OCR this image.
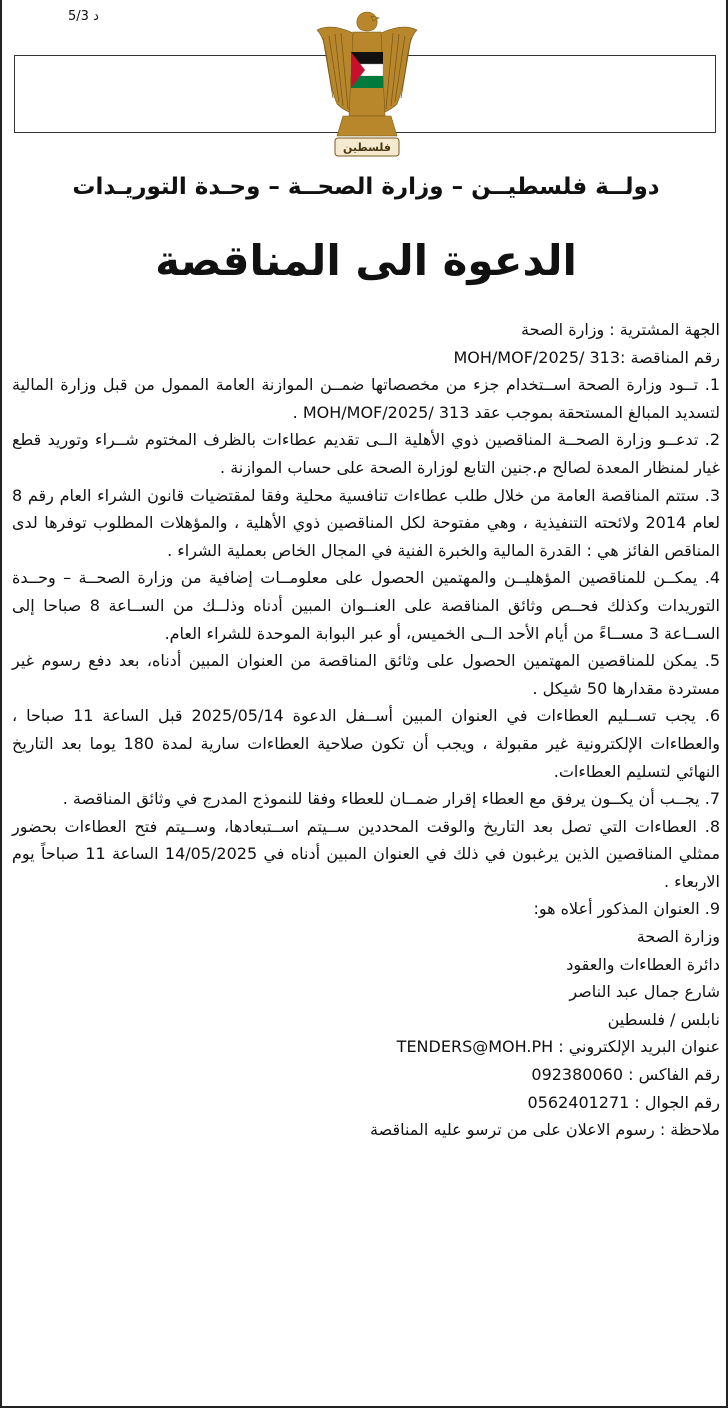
5/3 د
فلسطين
دولــة فلسطيــن – وزارة الصحــة – وحـدة التوريـدات
الدعوة الى المناقصة

الجهة المشترية : وزارة الصحة

رقم المناقصة :313 /MOH/MOF/2025

1. تــود وزارة الصحة اســتخدام جزء من مخصصاتها ضمــن الموازنة العامة الممول من قبل وزارة المالية لتسديد المبالغ المستحقة بموجب عقد 313 /MOH/MOF/2025 .

2. تدعــو وزارة الصحــة المناقصين ذوي الأهلية الــى تقديم عطاءات بالظرف المختوم شــراء وتوريد قطع غيار لمنظار المعدة لصالح م.جنين التابع لوزارة الصحة على حساب الموازنة .

3. ستتم المناقصة العامة من خلال طلب عطاءات تنافسية محلية وفقا لمقتضيات قانون الشراء العام رقم 8 لعام 2014 ولائحته التنفيذية ، وهي مفتوحة لكل المناقصين ذوي الأهلية ، والمؤهلات المطلوب توفرها لدى المناقص الفائز هي : القدرة المالية والخبرة الفنية في المجال الخاص بعملية الشراء .

4. يمكــن للمناقصين المؤهليــن والمهتمين الحصول على معلومــات إضافية من وزارة الصحــة – وحــدة التوريدات وكذلك فحــص وثائق المناقصة على العنــوان المبين أدناه وذلــك من الســاعة 8 صباحا إلى الســاعة 3 مســاءً من أيام الأحد الــى الخميس، أو عبر البوابة الموحدة للشراء العام.

5. يمكن للمناقصين المهتمين الحصول على وثائق المناقصة من العنوان المبين أدناه، بعد دفع رسوم غير مستردة مقدارها 50 شيكل .

6. يجب تســليم العطاءات في العنوان المبين أســفل الدعوة 2025/05/14 قبل الساعة 11 صباحا ، والعطاءات الإلكترونية غير مقبولة ، ويجب أن تكون صلاحية العطاءات سارية لمدة 180 يوما بعد التاريخ النهائي لتسليم العطاءات.

7. يجــب أن يكــون يرفق مع العطاء إقرار ضمــان للعطاء وفقا للنموذج المدرج في وثائق المناقصة .

8. العطاءات التي تصل بعد التاريخ والوقت المحددين ســيتم اســتبعادها، وســيتم فتح العطاءات بحضور ممثلي المناقصين الذين يرغبون في ذلك في العنوان المبين أدناه في 14/05/2025 الساعة 11 صباحاً يوم الاربعاء .

9. العنوان المذكور أعلاه هو:

وزارة الصحة

دائرة العطاءات والعقود

شارع جمال عبد الناصر

نابلس / فلسطين

عنوان البريد الإلكتروني : TENDERS@MOH.PH

رقم الفاكس : 092380060

رقم الجوال : 0562401271

ملاحظة : رسوم الاعلان على من ترسو عليه المناقصة
